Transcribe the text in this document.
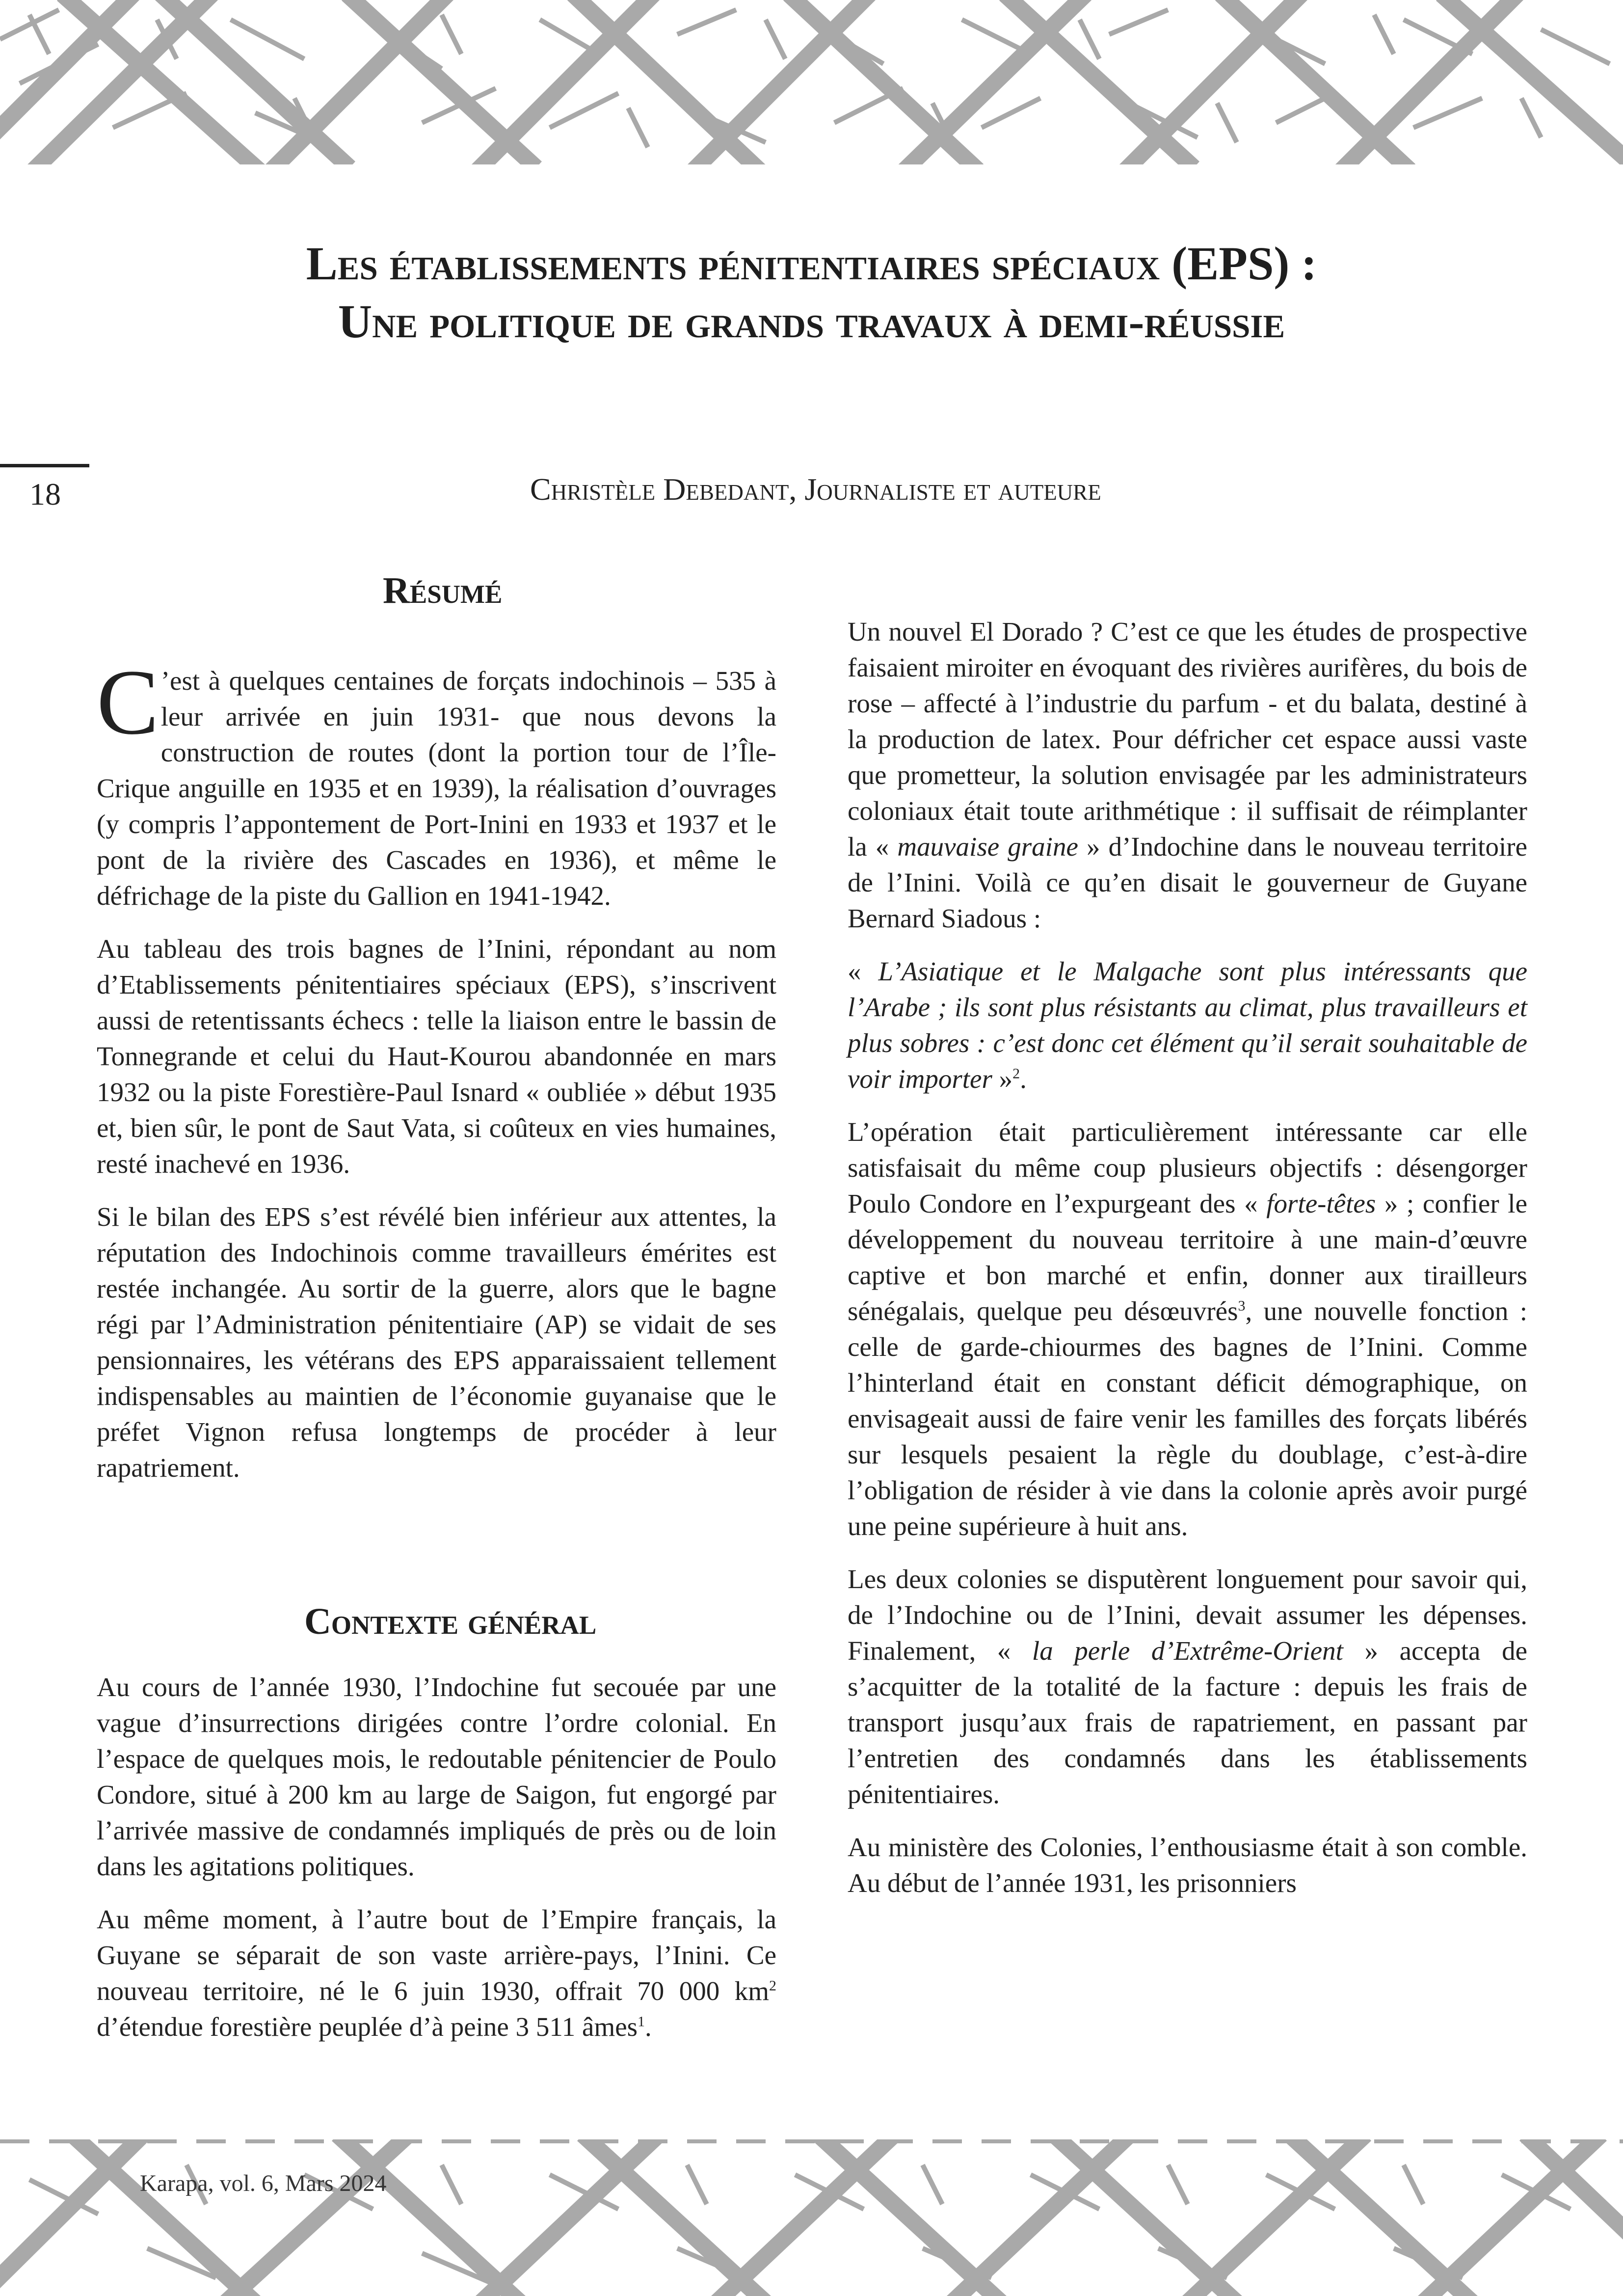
Les établissements pénitentiaires spéciaux (EPS) :
Une politique de grands travaux à demi-réussie
18	Christèle Debedant, Journaliste et auteure
Résumé

C ’est à quelques centaines de forçats indochinois – 535 à leur arrivée en juin 1931- que nous devons la construction de routes (dont la portion tour de l’Île-Crique anguille en 1935 et en 1939), la réalisation d’ouvrages (y compris l’appontement de Port-Inini en 1933 et 1937 et le pont de la rivière des Cascades en 1936), et même le défrichage de la piste du Gallion en 1941-1942.

Au tableau des trois bagnes de l’Inini, répondant au nom d’Etablissements pénitentiaires spéciaux (EPS), s’inscrivent aussi de retentissants échecs : telle la liaison entre le bassin de Tonnegrande et celui du Haut-Kourou abandonnée en mars 1932 ou la piste Forestière-Paul Isnard « oubliée » début 1935 et, bien sûr, le pont de Saut Vata, si coûteux en vies humaines, resté inachevé en 1936.

Si le bilan des EPS s’est révélé bien inférieur aux attentes, la réputation des Indochinois comme travailleurs émérites est restée inchangée. Au sortir de la guerre, alors que le bagne régi par l’Administration pénitentiaire (AP) se vidait de ses pensionnaires, les vétérans des EPS apparaissaient tellement indispensables au maintien de l’économie guyanaise que le préfet Vignon refusa longtemps de procéder à leur rapatriement.

Contexte général

Au cours de l’année 1930, l’Indochine fut secouée par une vague d’insurrections dirigées contre l’ordre colonial. En l’espace de quelques mois, le redoutable pénitencier de Poulo Condore, situé à 200 km au large de Saigon, fut engorgé par l’arrivée massive de condamnés impliqués de près ou de loin dans les agitations politiques.

Au même moment, à l’autre bout de l’Empire français, la Guyane se séparait de son vaste arrière-pays, l’Inini. Ce nouveau territoire, né le 6 juin 1930, offrait 70 000 $km^2$ d’étendue forestière peuplée d’à peine 3 511 âmes$^1$.

Un nouvel El Dorado ? C’est ce que les études de prospective faisaient miroiter en évoquant des rivières aurifères, du bois de rose – affecté à l’industrie du parfum - et du balata, destiné à la production de latex. Pour défricher cet espace aussi vaste que prometteur, la solution envisagée par les administrateurs coloniaux était toute arithmétique : il suffisait de réimplanter la « mauvaise graine » d’Indochine dans le nouveau territoire de l’Inini. Voilà ce qu’en disait le gouverneur de Guyane Bernard Siadous :

« L’Asiatique et le Malgache sont plus intéressants que l’Arabe ; ils sont plus résistants au climat, plus travailleurs et plus sobres : c’est donc cet élément qu’il serait souhaitable de voir importer »$^2$.

L’opération était particulièrement intéressante car elle satisfaisait du même coup plusieurs objectifs : désengorger Poulo Condore en l’expurgeant des « forte-têtes » ; confier le développement du nouveau territoire à une main-d’œuvre captive et bon marché et enfin, donner aux tirailleurs sénégalais, quelque peu désœuvrés$^3$, une nouvelle fonction : celle de garde-chiourmes des bagnes de l’Inini. Comme l’hinterland était en constant déficit démographique, on envisageait aussi de faire venir les familles des forçats libérés sur lesquels pesaient la règle du doublage, c’est-à-dire l’obligation de résider à vie dans la colonie après avoir purgé une peine supérieure à huit ans.

Les deux colonies se disputèrent longuement pour savoir qui, de l’Indochine ou de l’Inini, devait assumer les dépenses. Finalement, « la perle d’Extrême-Orient » accepta de s’acquitter de la totalité de la facture : depuis les frais de transport jusqu’aux frais de rapatriement, en passant par l’entretien des condamnés dans les établissements pénitentiaires.

Au ministère des Colonies, l’enthousiasme était à son comble. Au début de l’année 1931, les prisonniers

Karapa, vol. 6, Mars 2024
